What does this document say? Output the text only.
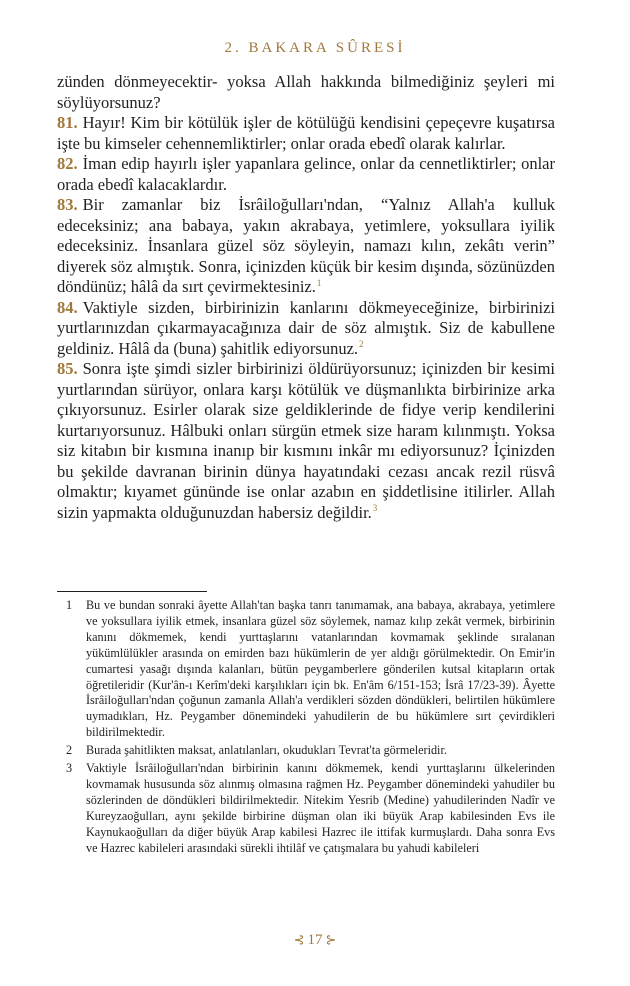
2. BAKARA SÛRESİ

zünden dönmeyecektir- yoksa Allah hakkında bilmediğiniz şeyleri mi söylüyorsunuz?

81. Hayır! Kim bir kötülük işler de kötülüğü kendisini çepeçevre kuşatırsa işte bu kimseler cehennemliktirler; onlar orada ebedî olarak kalırlar.

82. İman edip hayırlı işler yapanlara gelince, onlar da cennetliktirler; onlar orada ebedî kalacaklardır.

83. Bir zamanlar biz İsrâiloğulları'ndan, “Yalnız Allah'a kulluk edeceksiniz; ana babaya, yakın akrabaya, yetimlere, yoksullara iyilik edeceksiniz. İnsanlara güzel söz söyleyin, namazı kılın, zekâtı verin” diyerek söz almıştık. Sonra, içinizden küçük bir kesim dışında, sözünüzden döndünüz; hâlâ da sırt çevirmektesiniz.$^1$

84. Vaktiyle sizden, birbirinizin kanlarını dökmeyeceğinize, birbirinizi yurtlarınızdan çıkarmayacağınıza dair de söz almıştık. Siz de kabullene geldiniz. Hâlâ da (buna) şahitlik ediyorsunuz.$^2$

85. Sonra işte şimdi sizler birbirinizi öldürüyorsunuz; içinizden bir kesimi yurtlarından sürüyor, onlara karşı kötülük ve düşmanlıkta birbirinize arka çıkıyorsunuz. Esirler olarak size geldiklerinde de fidye verip kendilerini kurtarıyorsunuz. Hâlbuki onları sürgün etmek size haram kılınmıştı. Yoksa siz kitabın bir kısmına inanıp bir kısmını inkâr mı ediyorsunuz? İçinizden bu şekilde davranan birinin dünya hayatındaki cezası ancak rezil rüsvâ olmaktır; kıyamet gününde ise onlar azabın en şiddetlisine itilirler. Allah sizin yapmakta olduğunuzdan habersiz değildir.$^3$

1	Bu ve bundan sonraki âyette Allah'tan başka tanrı tanımamak, ana babaya, akrabaya, yetimlere ve yoksullara iyilik etmek, insanlara güzel söz söylemek, namaz kılıp zekât vermek, birbirinin kanını dökmemek, kendi yurttaşlarını vatanlarından kovmamak şeklinde sıralanan yükümlülükler arasında on emirden bazı hükümlerin de yer aldığı görülmektedir. On Emir'in cumartesi yasağı dışında kalanları, bütün peygamberlere gönderilen kutsal kitapların ortak öğretileridir (Kur'ân-ı Kerîm'deki karşılıkları için bk. En'âm 6/151-153; İsrâ 17/23-39). Âyette İsrâiloğulları'ndan çoğunun zamanla Allah'a verdikleri sözden döndükleri, belirtilen hükümlere uymadıkları, Hz. Peygamber dönemindeki yahudilerin de bu hükümlere sırt çevirdikleri bildirilmektedir.
2	Burada şahitlikten maksat, anlatılanları, okudukları Tevrat'ta görmeleridir.
3	Vaktiyle İsrâiloğulları'ndan birbirinin kanını dökmemek, kendi yurttaşlarını ülkelerinden kovmamak hususunda söz alınmış olmasına rağmen Hz. Peygamber dönemindeki yahudiler bu sözlerinden de döndükleri bildirilmektedir. Nitekim Yesrib (Medine) yahudilerinden Nadîr ve Kureyzaoğulları, aynı şekilde birbirine düşman olan iki büyük Arap kabilesinden Evs ile Kaynukaoğulları da diğer büyük Arap kabilesi Hazrec ile ittifak kurmuşlardı. Daha sonra Evs ve Hazrec kabileleri arasındaki sürekli ihtilâf ve çatışmalara bu yahudi kabileleri
⊰ 17 ⊱
